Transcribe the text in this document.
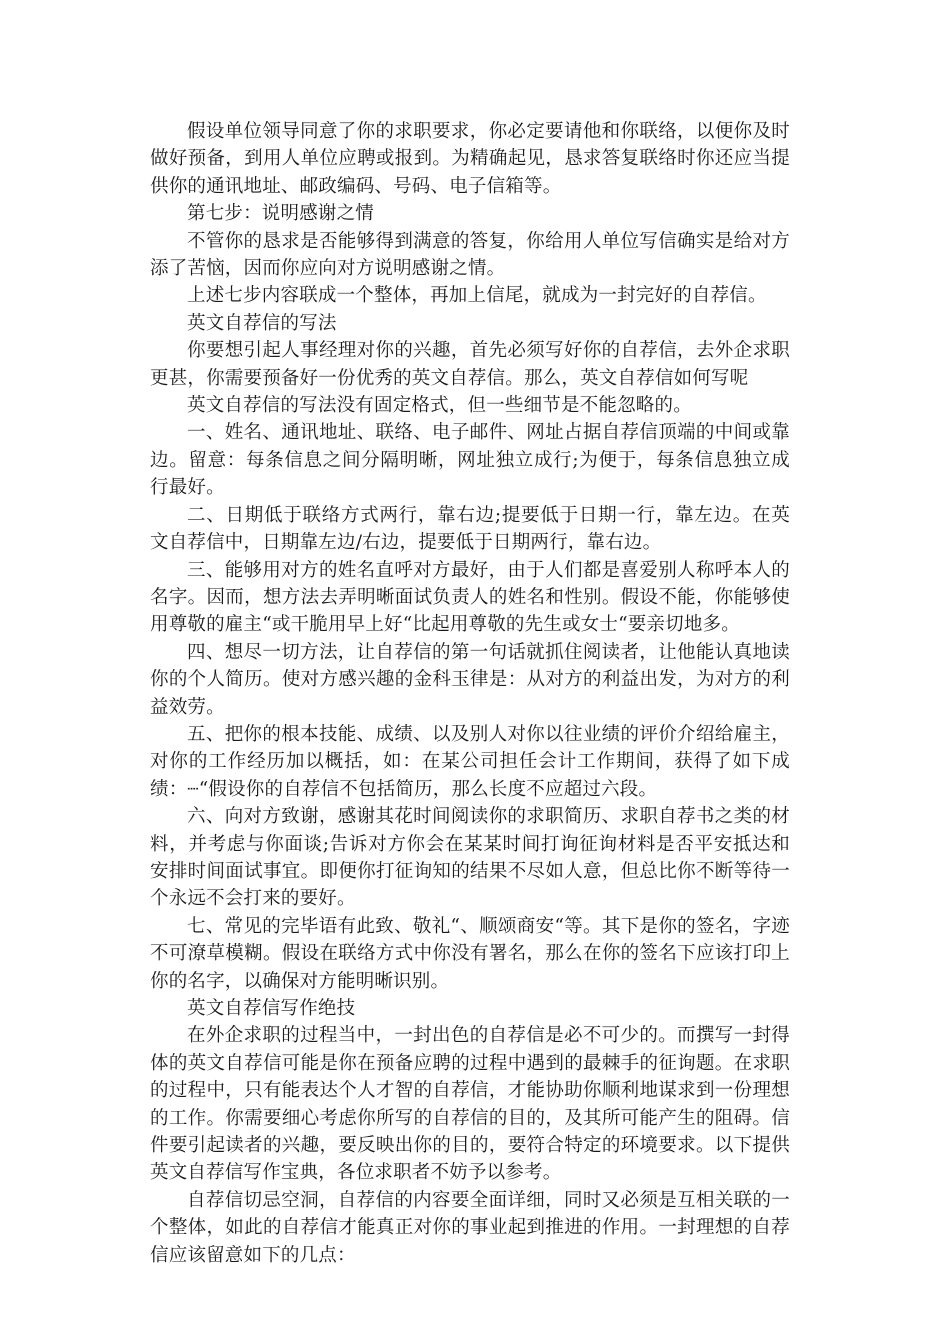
假设单位领导同意了你的求职要求，你必定要请他和你联络，以便你及时做好预备，到用人单位应聘或报到。为精确起见，恳求答复联络时你还应当提供你的通讯地址、邮政编码、号码、电子信箱等。

第七步：说明感谢之情

不管你的恳求是否能够得到满意的答复，你给用人单位写信确实是给对方添了苦恼，因而你应向对方说明感谢之情。

上述七步内容联成一个整体，再加上信尾，就成为一封完好的自荐信。

英文自荐信的写法

你要想引起人事经理对你的兴趣，首先必须写好你的自荐信，去外企求职更甚，你需要预备好一份优秀的英文自荐信。那么，英文自荐信如何写呢

英文自荐信的写法没有固定格式，但一些细节是不能忽略的。

一、姓名、通讯地址、联络、电子邮件、网址占据自荐信顶端的中间或靠边。留意：每条信息之间分隔明晰，网址独立成行;为便于，每条信息独立成行最好。

二、日期低于联络方式两行，靠右边;提要低于日期一行，靠左边。在英文自荐信中，日期靠左边/右边，提要低于日期两行，靠右边。

三、能够用对方的姓名直呼对方最好，由于人们都是喜爱别人称呼本人的名字。因而，想方法去弄明晰面试负责人的姓名和性别。假设不能，你能够使用尊敬的雇主“或干脆用早上好“比起用尊敬的先生或女士“要亲切地多。

四、想尽一切方法，让自荐信的第一句话就抓住阅读者，让他能认真地读你的个人简历。使对方感兴趣的金科玉律是：从对方的利益出发，为对方的利益效劳。

五、把你的根本技能、成绩、以及别人对你以往业绩的评价介绍给雇主，对你的工作经历加以概括，如：在某公司担任会计工作期间，获得了如下成绩：┈“假设你的自荐信不包括简历，那么长度不应超过六段。

六、向对方致谢，感谢其花时间阅读你的求职简历、求职自荐书之类的材料，并考虑与你面谈;告诉对方你会在某某时间打询征询材料是否平安抵达和安排时间面试事宜。即便你打征询知的结果不尽如人意，但总比你不断等待一个永远不会打来的要好。

七、常见的完毕语有此致、敬礼“、顺颂商安“等。其下是你的签名，字迹不可潦草模糊。假设在联络方式中你没有署名，那么在你的签名下应该打印上你的名字，以确保对方能明晰识别。

英文自荐信写作绝技

在外企求职的过程当中，一封出色的自荐信是必不可少的。而撰写一封得体的英文自荐信可能是你在预备应聘的过程中遇到的最棘手的征询题。在求职的过程中，只有能表达个人才智的自荐信，才能协助你顺利地谋求到一份理想的工作。你需要细心考虑你所写的自荐信的目的，及其所可能产生的阻碍。信件要引起读者的兴趣，要反映出你的目的，要符合特定的环境要求。以下提供英文自荐信写作宝典，各位求职者不妨予以参考。

自荐信切忌空洞，自荐信的内容要全面详细，同时又必须是互相关联的一个整体，如此的自荐信才能真正对你的事业起到推进的作用。一封理想的自荐信应该留意如下的几点：
